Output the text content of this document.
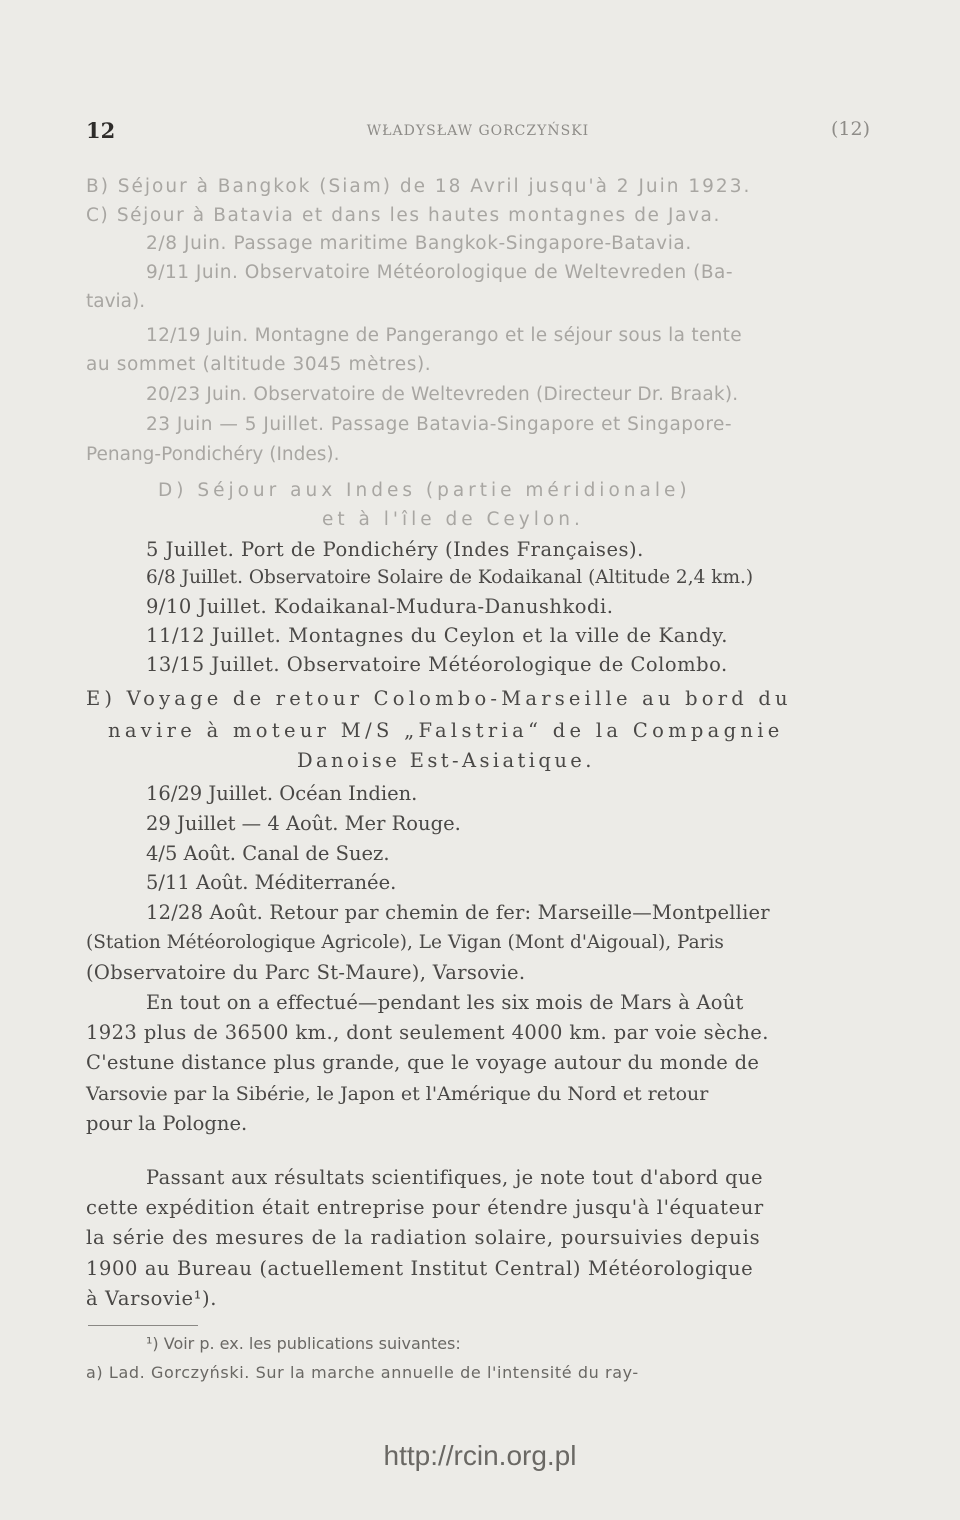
12	WŁADYSŁAW GORCZYŃSKI	(12)
B) Séjour à Bangkok (Siam) de 18 Avril jusqu'à 2 Juin 1923.
C) Séjour à Batavia et dans les hautes montagnes de Java.
2/8 Juin. Passage maritime Bangkok-Singapore-Batavia.
9/11 Juin. Observatoire Météorologique de Weltevreden (Ba-
tavia).
12/19 Juin. Montagne de Pangerango et le séjour sous la tente
au sommet (altitude 3045 mètres).
20/23 Juin. Observatoire de Weltevreden (Directeur Dr. Braak).
23 Juin — 5 Juillet. Passage Batavia-Singapore et Singapore-
Penang-Pondichéry (Indes).
D) Séjour aux Indes (partie méridionale)
et à l'île de Ceylon.
5 Juillet. Port de Pondichéry (Indes Françaises).
6/8 Juillet. Observatoire Solaire de Kodaikanal (Altitude 2,4 km.)
9/10 Juillet. Kodaikanal-Mudura-Danushkodi.
11/12 Juillet. Montagnes du Ceylon et la ville de Kandy.
13/15 Juillet. Observatoire Météorologique de Colombo.
E) Voyage de retour Colombo-Marseille au bord du
navire à moteur M/S „Falstria“ de la Compagnie
Danoise Est-Asiatique.
16/29 Juillet. Océan Indien.
29 Juillet — 4 Août. Mer Rouge.
4/5 Août. Canal de Suez.
5/11 Août. Méditerranée.
12/28 Août. Retour par chemin de fer: Marseille—Montpellier
(Station Météorologique Agricole), Le Vigan (Mont d'Aigoual), Paris
(Observatoire du Parc St-Maure), Varsovie.
En tout on a effectué—pendant les six mois de Mars à Août
1923 plus de 36500 km., dont seulement 4000 km. par voie sèche.
C'estune distance plus grande, que le voyage autour du monde de
Varsovie par la Sibérie, le Japon et l'Amérique du Nord et retour
pour la Pologne.
Passant aux résultats scientifiques, je note tout d'abord que
cette expédition était entreprise pour étendre jusqu'à l'équateur
la série des mesures de la radiation solaire, poursuivies depuis
1900 au Bureau (actuellement Institut Central) Météorologique
à Varsovie¹).
¹) Voir p. ex. les publications suivantes:
a) Lad. Gorczyński. Sur la marche annuelle de l'intensité du ray-
http://rcin.org.pl
